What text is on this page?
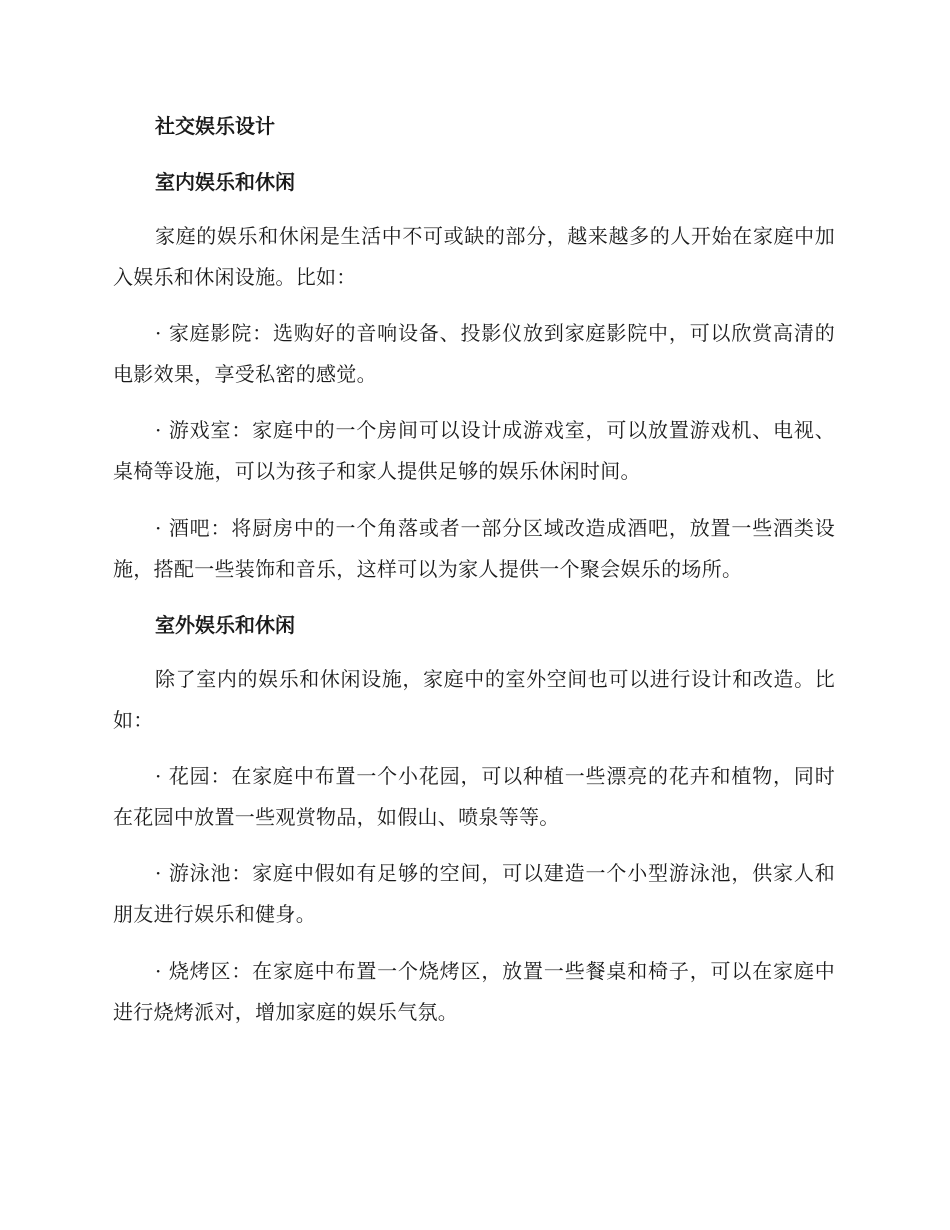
社交娱乐设计
室内娱乐和休闲

家庭的娱乐和休闲是生活中不可或缺的部分，越来越多的人开始在家庭中加入娱乐和休闲设施。比如：

· 家庭影院：选购好的音响设备、投影仪放到家庭影院中，可以欣赏高清的电影效果，享受私密的感觉。

· 游戏室：家庭中的一个房间可以设计成游戏室，可以放置游戏机、电视、桌椅等设施，可以为孩子和家人提供足够的娱乐休闲时间。

· 酒吧：将厨房中的一个角落或者一部分区域改造成酒吧，放置一些酒类设施，搭配一些装饰和音乐，这样可以为家人提供一个聚会娱乐的场所。

室外娱乐和休闲

除了室内的娱乐和休闲设施，家庭中的室外空间也可以进行设计和改造。比如：

· 花园：在家庭中布置一个小花园，可以种植一些漂亮的花卉和植物，同时在花园中放置一些观赏物品，如假山、喷泉等等。

· 游泳池：家庭中假如有足够的空间，可以建造一个小型游泳池，供家人和朋友进行娱乐和健身。

· 烧烤区：在家庭中布置一个烧烤区，放置一些餐桌和椅子，可以在家庭中进行烧烤派对，增加家庭的娱乐气氛。
